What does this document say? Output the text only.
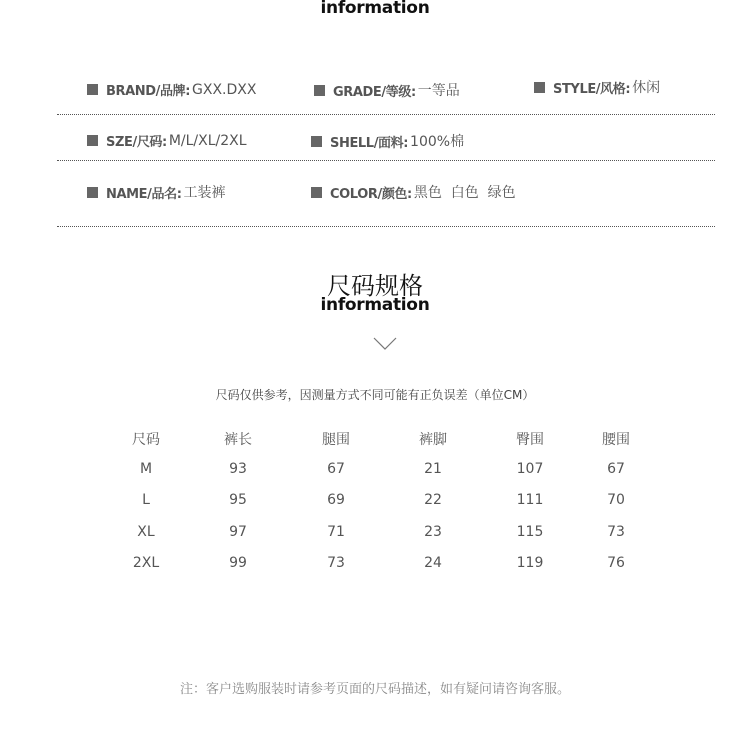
information
BRAND/品牌: GXX.DXX	GRADE/等级: 一等品	STYLE/风格: 休闲
SZE/尺码: M/L/XL/2XL	SHELL/面料: 100%棉
NAME/品名: 工装裤	COLOR/颜色: 黑色  白色  绿色
尺码规格
information
尺码仅供参考，因测量方式不同可能有正负误差（单位CM）
尺码	裤长	腿围	裤脚	臀围	腰围
M	93	67	21	107	67
L	95	69	22	111	70
XL	97	71	23	115	73
2XL	99	73	24	119	76
注：客户选购服装时请参考页面的尺码描述，如有疑问请咨询客服。
